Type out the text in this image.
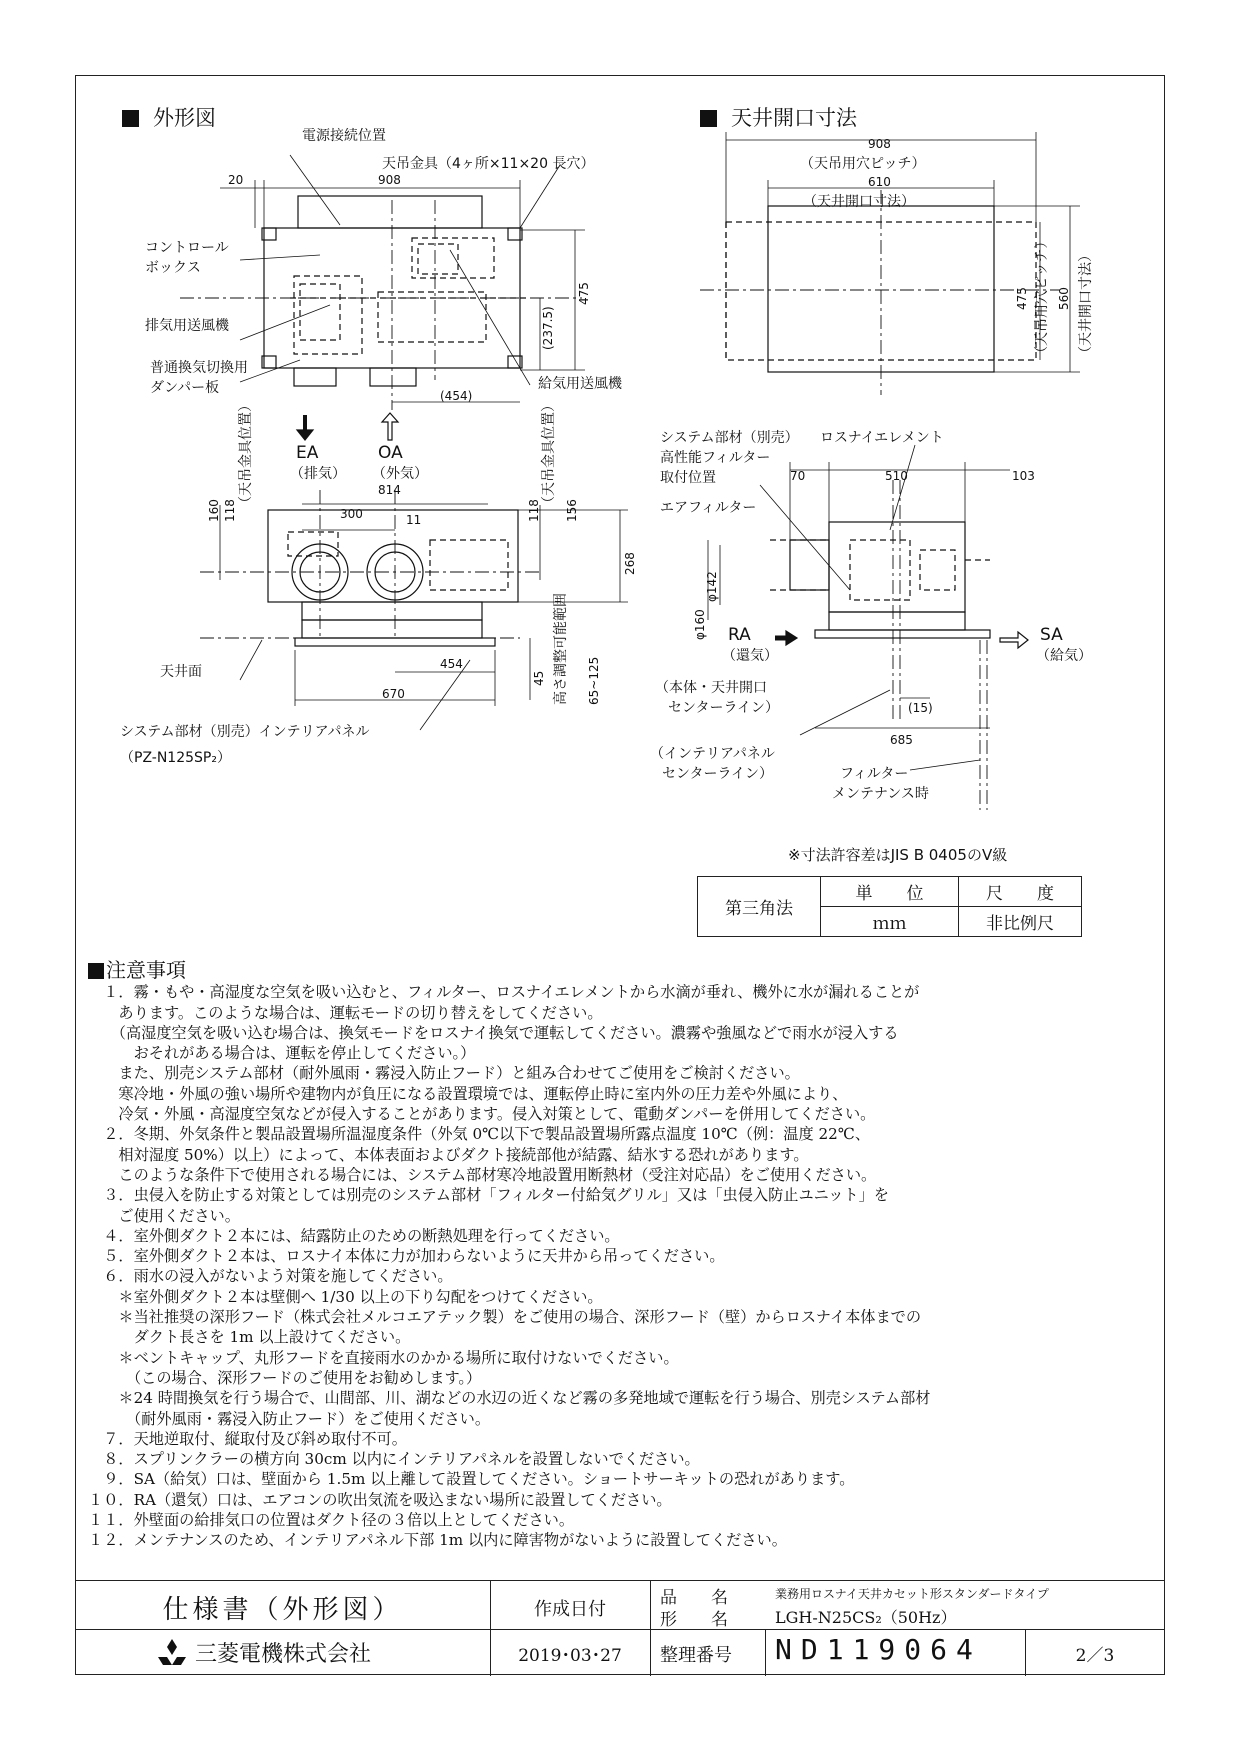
外形図	天井開口寸法
電源接続位置
天吊金具（4ヶ所×11×20 長穴）
20	908
コントロール
ボックス
排気用送風機
普通換気切換用
ダンパー板	給気用送風機
475
(237.5)
(454)
EA
（排気）
OA
（外気）
（天吊金具位置）	（天吊金具位置）
814
300	11
160 118	118 156
268
天井面	454
670
45 高さ調整可能範囲 65~125
システム部材（別売）インテリアパネル
（PZ-N125SP₂）
システム部材（別売）
高性能フィルター
取付位置
ロスナイエレメント
70	510	103
エアフィルター
φ142
φ160 RA
（還気）
SA
（給気）
（本体・天井開口
センターライン）	(15)
685
（インテリアパネル
センターライン）	フィルター
メンテナンス時
908
（天吊用穴ピッチ）
610
（天井開口寸法）
475 （天吊用穴ピッチ） 560 （天井開口寸法）
※寸法許容差はJIS B 0405のV級
第三角法	単　　位	尺　　度
	ｍｍ	非比例尺
注意事項
　１．霧・もや・高湿度な空気を吸い込むと、フィルター、ロスナイエレメントから水滴が垂れ、機外に水が漏れることが
　　あります。このような場合は、運転モードの切り替えをしてください。
　　（高湿度空気を吸い込む場合は、換気モードをロスナイ換気で運転してください。濃霧や強風などで雨水が浸入する
　　　おそれがある場合は、運転を停止してください。）
　　また、別売システム部材（耐外風雨・霧浸入防止フード）と組み合わせてご使用をご検討ください。
　　寒冷地・外風の強い場所や建物内が負圧になる設置環境では、運転停止時に室内外の圧力差や外風により、
　　冷気・外風・高湿度空気などが侵入することがあります。侵入対策として、電動ダンパーを併用してください。
　２．冬期、外気条件と製品設置場所温湿度条件（外気 0℃以下で製品設置場所露点温度 10℃（例：温度 22℃、
　　相対湿度 50%）以上）によって、本体表面およびダクト接続部他が結露、結氷する恐れがあります。
　　このような条件下で使用される場合には、システム部材寒冷地設置用断熱材（受注対応品）をご使用ください。
　３．虫侵入を防止する対策としては別売のシステム部材「フィルター付給気グリル」又は「虫侵入防止ユニット」を
　　ご使用ください。
　４．室外側ダクト２本には、結露防止のための断熱処理を行ってください。
　５．室外側ダクト２本は、ロスナイ本体に力が加わらないように天井から吊ってください。
　６．雨水の浸入がないよう対策を施してください。
　　＊室外側ダクト２本は壁側へ 1/30 以上の下り勾配をつけてください。
　　＊当社推奨の深形フード（株式会社メルコエアテック製）をご使用の場合、深形フード（壁）からロスナイ本体までの
　　　ダクト長さを 1m 以上設けてください。
　　＊ベントキャップ、丸形フードを直接雨水のかかる場所に取付けないでください。
　　　（この場合、深形フードのご使用をお勧めします。）
　　＊24 時間換気を行う場合で、山間部、川、湖などの水辺の近くなど霧の多発地域で運転を行う場合、別売システム部材
　　　（耐外風雨・霧浸入防止フード）をご使用ください。
　７．天地逆取付、縦取付及び斜め取付不可。
　８．スプリンクラーの横方向 30cm 以内にインテリアパネルを設置しないでください。
　９．SA（給気）口は、壁面から 1.5m 以上離して設置してください。ショートサーキットの恐れがあります。
１０．RA（還気）口は、エアコンの吹出気流を吸込まない場所に設置してください。
１１．外壁面の給排気口の位置はダクト径の３倍以上としてください。
１２．メンテナンスのため、インテリアパネル下部 1m 以内に障害物がないように設置してください。
仕様書（外形図）
三菱電機株式会社
作成日付
2019･03･27
品　　名
形　　名
業務用ロスナイ天井カセット形スタンダードタイプ
LGH-N25CS₂（50Hz）
整理番号	ND119064	2／3
